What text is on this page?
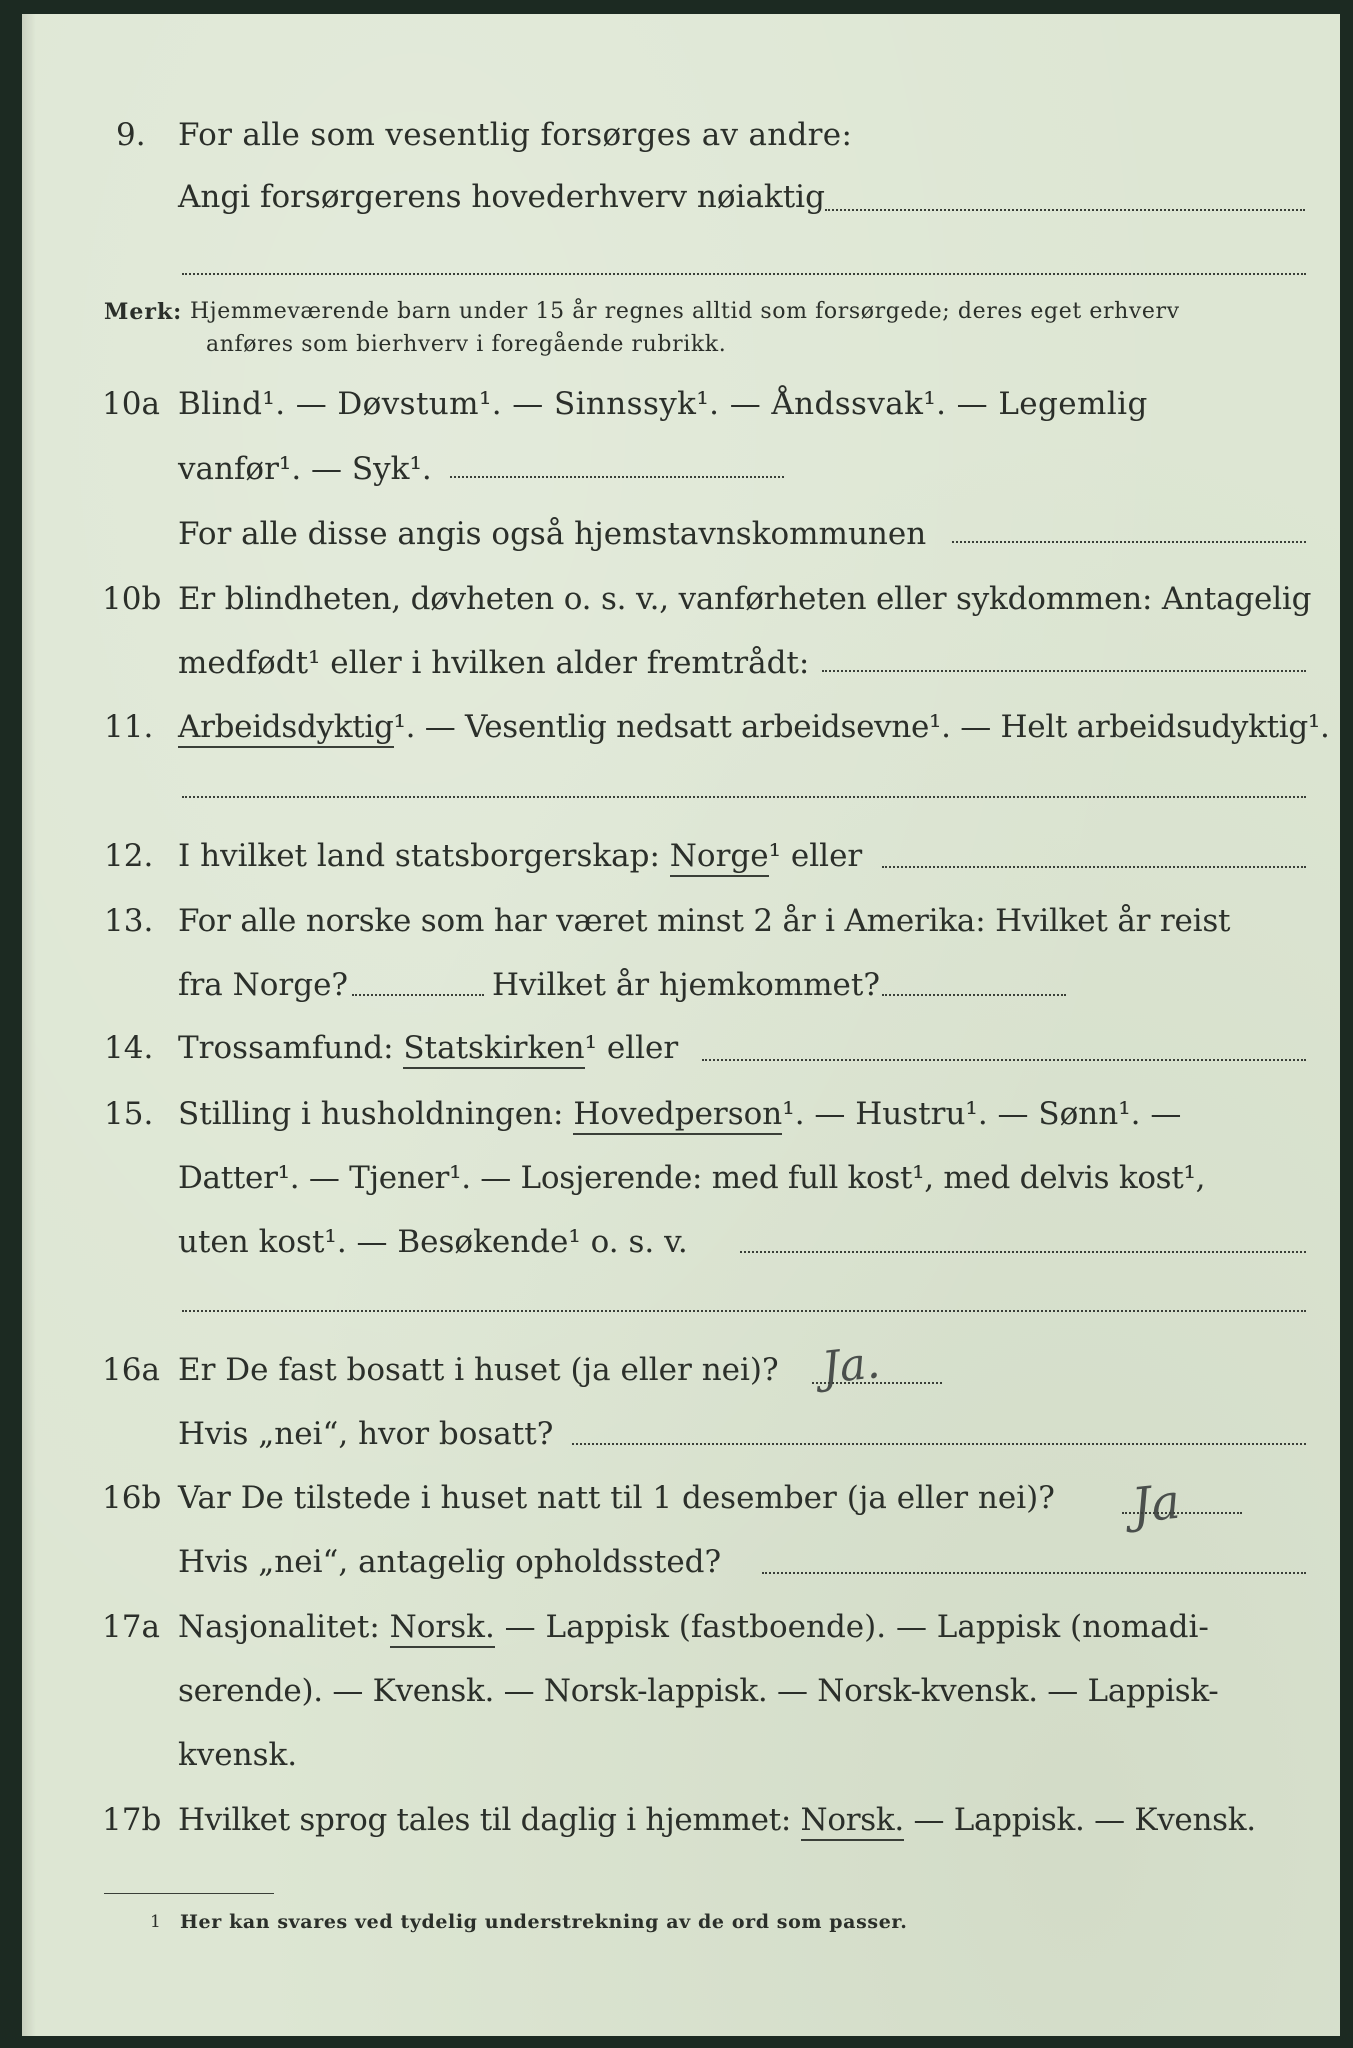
9. For alle som vesentlig forsørges av andre:
Angi forsørgerens hovederhverv nøiaktig
Merk: Hjemmeværende barn under 15 år regnes alltid som forsørgede; deres eget erhverv
anføres som bierhverv i foregående rubrikk.
10a Blind¹. — Døvstum¹. — Sinnssyk¹. — Åndssvak¹. — Legemlig
vanfør¹. — Syk¹.
For alle disse angis også hjemstavnskommunen
10b Er blindheten, døvheten o. s. v., vanførheten eller sykdommen: Antagelig
medfødt¹ eller i hvilken alder fremtrådt:
11. Arbeidsdyktig¹. — Vesentlig nedsatt arbeidsevne¹. — Helt arbeidsudyktig¹.
12. I hvilket land statsborgerskap: Norge¹ eller
13. For alle norske som har været minst 2 år i Amerika: Hvilket år reist
fra Norge?	Hvilket år hjemkommet?
14. Trossamfund: Statskirken¹ eller
15. Stilling i husholdningen: Hovedperson¹. — Hustru¹. — Sønn¹. —
Datter¹. — Tjener¹. — Losjerende: med full kost¹, med delvis kost¹,
uten kost¹. — Besøkende¹ o. s. v.
16a Er De fast bosatt i huset (ja eller nei)? Ja.
Hvis „nei“, hvor bosatt?
16b Var De tilstede i huset natt til 1 desember (ja eller nei)? Ja
Hvis „nei“, antagelig opholdssted?
17a Nasjonalitet: Norsk. — Lappisk (fastboende). — Lappisk (nomadi-
serende). — Kvensk. — Norsk-lappisk. — Norsk-kvensk. — Lappisk-
kvensk.
17b Hvilket sprog tales til daglig i hjemmet: Norsk. — Lappisk. — Kvensk.
1 Her kan svares ved tydelig understrekning av de ord som passer.
